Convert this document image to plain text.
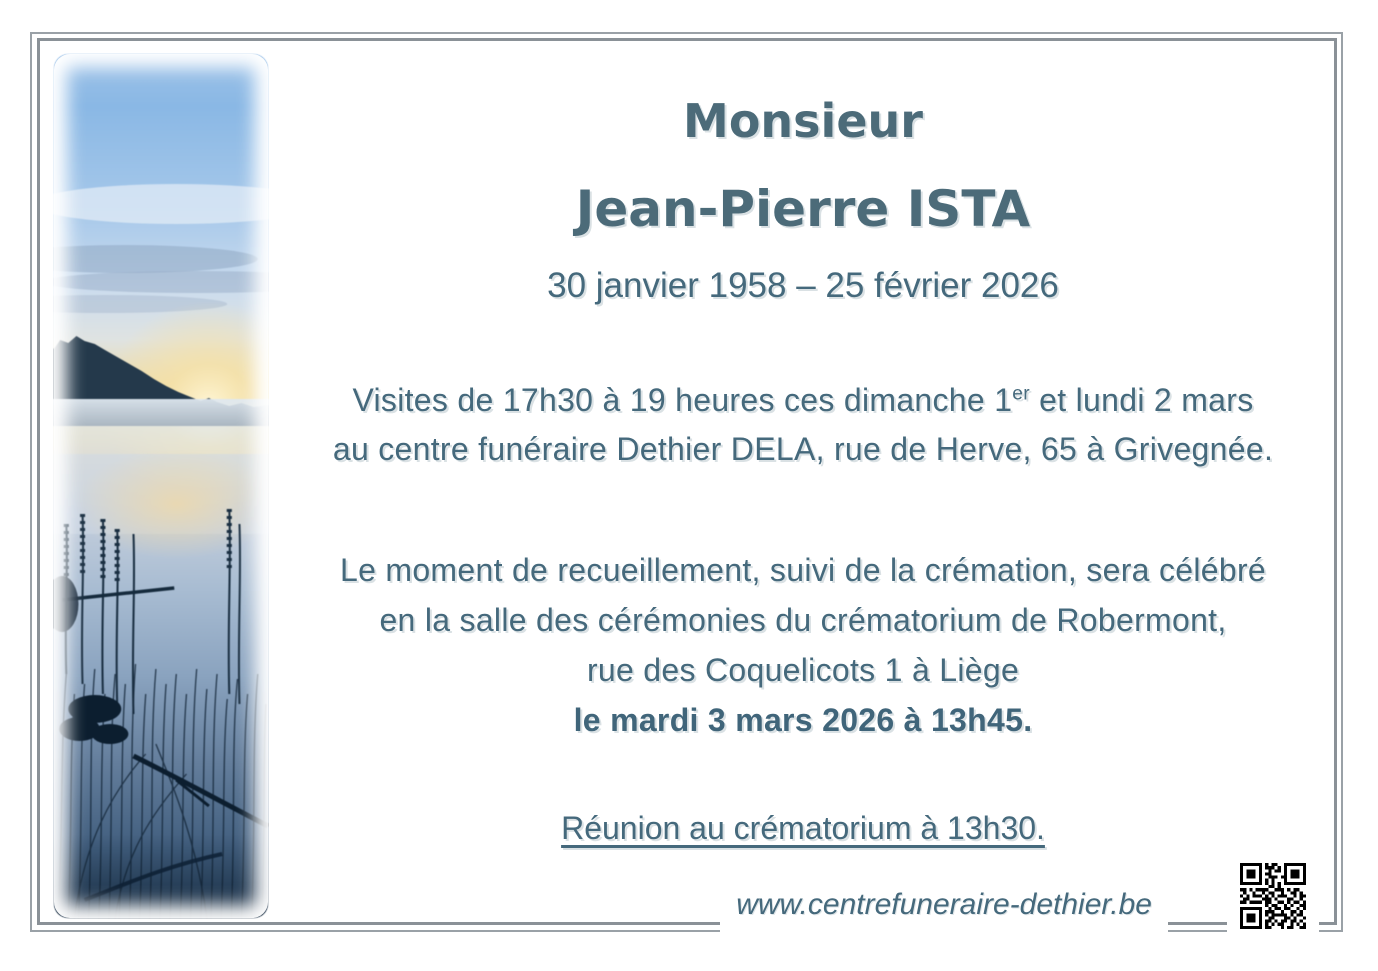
Monsieur
Jean-Pierre ISTA
30 janvier 1958 – 25 février 2026

Visites de 17h30 à 19 heures ces dimanche 1er et lundi 2 mars
au centre funéraire Dethier DELA, rue de Herve, 65 à Grivegnée.

Le moment de recueillement, suivi de la crémation, sera célébré
en la salle des cérémonies du crématorium de Robermont,
rue des Coquelicots 1 à Liège
le mardi 3 mars 2026 à 13h45.

Réunion au crématorium à 13h30.
www.centrefuneraire-dethier.be
